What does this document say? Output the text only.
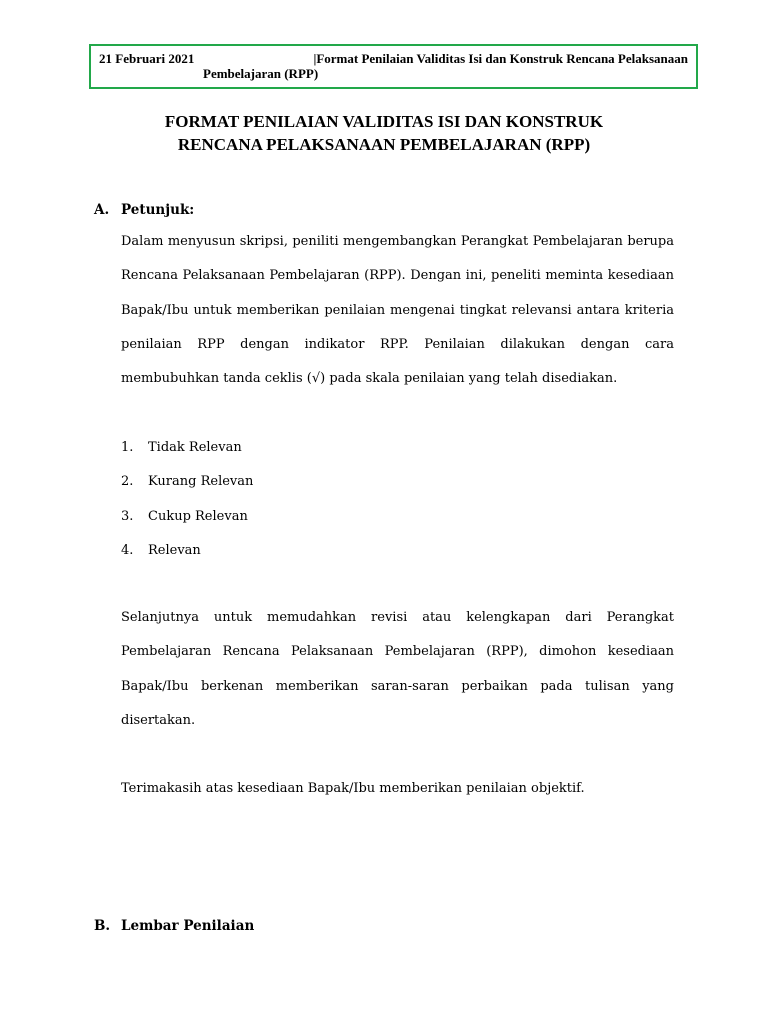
21 Februari 2021	|Format Penilaian Validitas Isi dan Konstruk Rencana Pelaksanaan
Pembelajaran (RPP)
FORMAT PENILAIAN VALIDITAS ISI DAN KONSTRUK
RENCANA PELAKSANAAN PEMBELAJARAN (RPP)
A. Petunjuk:
Dalam menyusun skripsi, peniliti mengembangkan Perangkat Pembelajaran berupa
Rencana Pelaksanaan Pembelajaran (RPP). Dengan ini, peneliti meminta kesediaan
Bapak/Ibu untuk memberikan penilaian mengenai tingkat relevansi antara kriteria
penilaian RPP dengan indikator RPP. Penilaian dilakukan dengan cara
membubuhkan tanda ceklis (√) pada skala penilaian yang telah disediakan.
1. Tidak Relevan
2. Kurang Relevan
3. Cukup Relevan
4. Relevan
Selanjutnya untuk memudahkan revisi atau kelengkapan dari Perangkat
Pembelajaran Rencana Pelaksanaan Pembelajaran (RPP), dimohon kesediaan
Bapak/Ibu berkenan memberikan saran-saran perbaikan pada tulisan yang
disertakan.
Terimakasih atas kesediaan Bapak/Ibu memberikan penilaian objektif.
B. Lembar Penilaian
